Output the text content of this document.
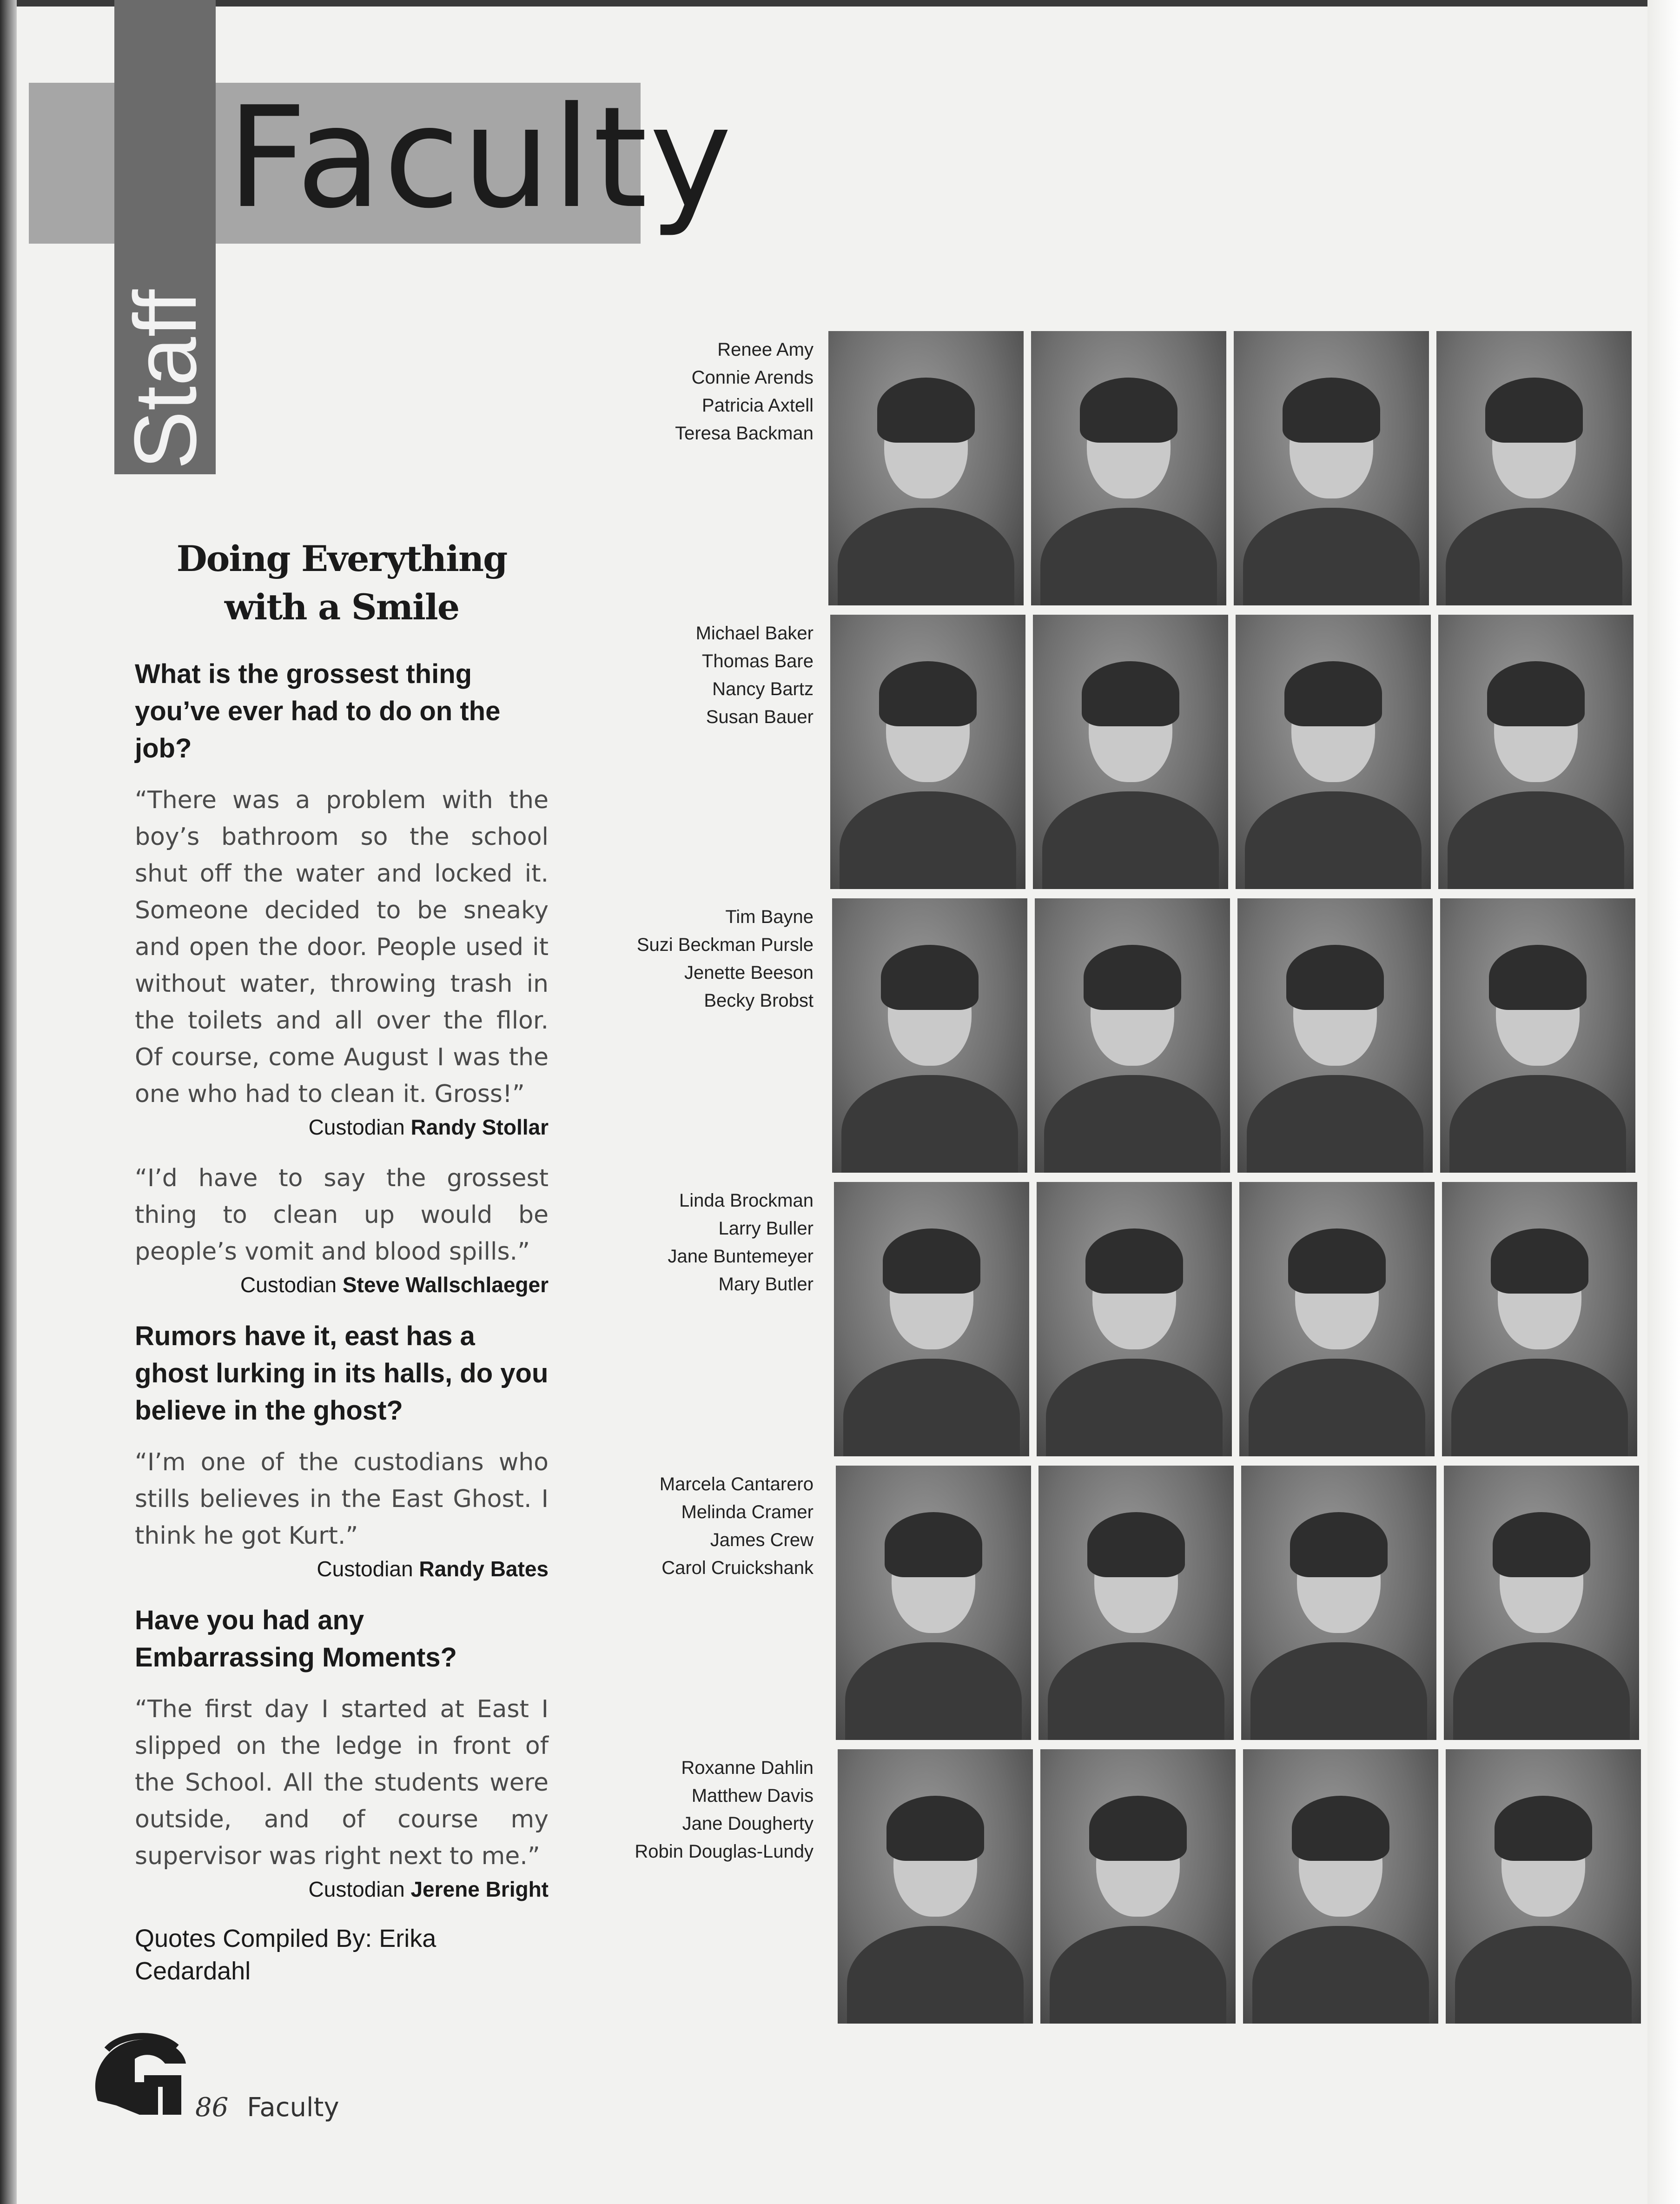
Faculty
Doing Everything with a Smile
What is the grossest thing you’ve ever had to do on the job?

“There was a problem with the boy’s bathroom so the school shut off the water and locked it. Someone decided to be sneaky and open the door. People used it without water, throwing trash in the toilets and all over the fllor. Of course, come August I was the one who had to clean it. Gross!”

Custodian Randy Stollar

“I’d have to say the grossest thing to clean up would be people’s vomit and blood spills.”

Custodian Steve Wallschlaeger
Rumors have it, east has a ghost lurking in its halls, do you believe in the ghost?

“I’m one of the custodians who stills believes in the East Ghost. I think he got Kurt.”

Custodian Randy Bates
Have you had any Embarrassing Moments?

“The first day I started at East I slipped on the ledge in front of the School. All the students were outside, and of course my supervisor was right next to me.”

Custodian Jerene Bright
Quotes Compiled By: Erika Cedardahl
Renee Amy
Connie Arends
Patricia Axtell
Teresa Backman
Michael Baker
Thomas Bare
Nancy Bartz
Susan Bauer
Tim Bayne
Suzi Beckman Pursle
Jenette Beeson
Becky Brobst
Linda Brockman
Larry Buller
Jane Buntemeyer
Mary Butler
Marcela Cantarero
Melinda Cramer
James Crew
Carol Cruickshank
Roxanne Dahlin
Matthew Davis
Jane Dougherty
Robin Douglas-Lundy
86 Faculty
